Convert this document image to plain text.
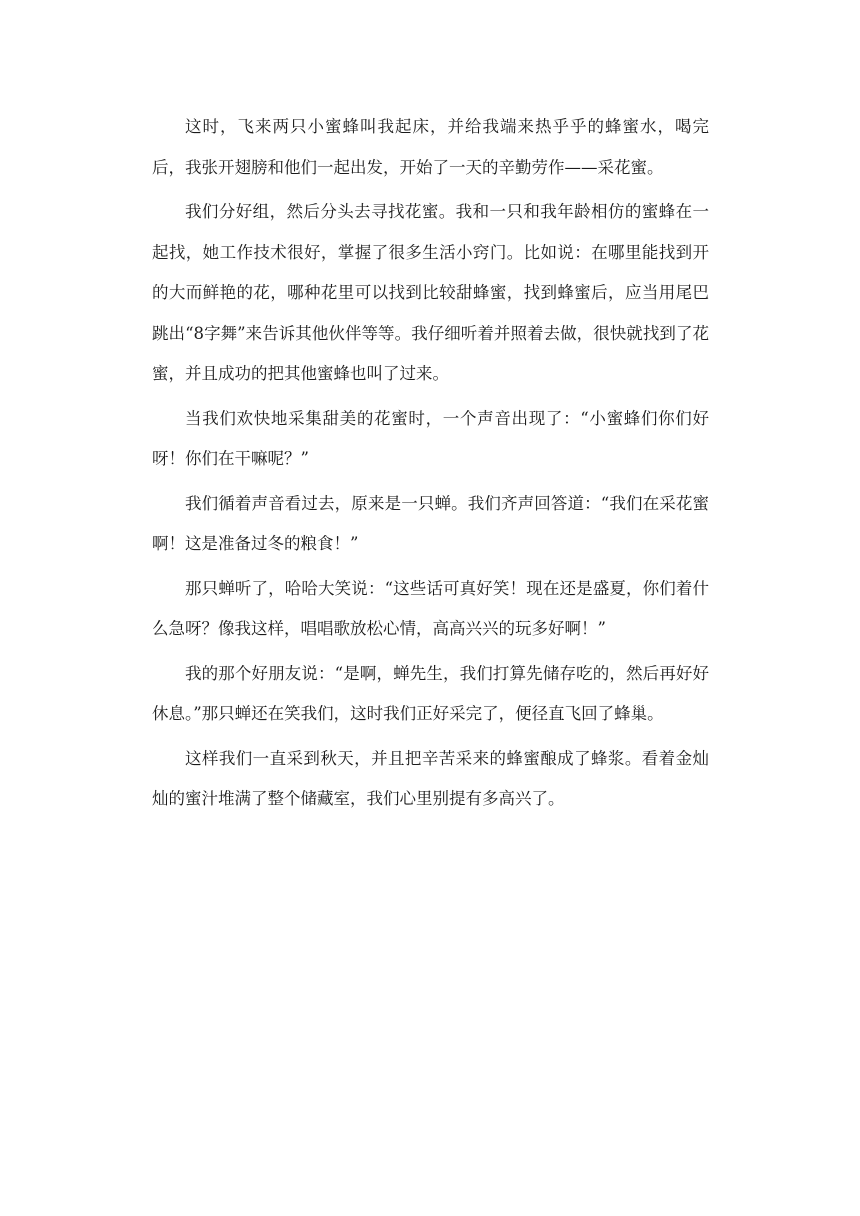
这时，飞来两只小蜜蜂叫我起床，并给我端来热乎乎的蜂蜜水，喝完后，我张开翅膀和他们一起出发，开始了一天的辛勤劳作——采花蜜。

我们分好组，然后分头去寻找花蜜。我和一只和我年龄相仿的蜜蜂在一起找，她工作技术很好，掌握了很多生活小窍门。比如说：在哪里能找到开的大而鲜艳的花，哪种花里可以找到比较甜蜂蜜，找到蜂蜜后，应当用尾巴跳出“8字舞”来告诉其他伙伴等等。我仔细听着并照着去做，很快就找到了花蜜，并且成功的把其他蜜蜂也叫了过来。

当我们欢快地采集甜美的花蜜时，一个声音出现了：“小蜜蜂们你们好呀！你们在干嘛呢？”

我们循着声音看过去，原来是一只蝉。我们齐声回答道：“我们在采花蜜啊！这是准备过冬的粮食！”

那只蝉听了，哈哈大笑说：“这些话可真好笑！现在还是盛夏，你们着什么急呀？像我这样，唱唱歌放松心情，高高兴兴的玩多好啊！”

我的那个好朋友说：“是啊，蝉先生，我们打算先储存吃的，然后再好好休息。”那只蝉还在笑我们，这时我们正好采完了，便径直飞回了蜂巢。

这样我们一直采到秋天，并且把辛苦采来的蜂蜜酿成了蜂浆。看着金灿灿的蜜汁堆满了整个储藏室，我们心里别提有多高兴了。
